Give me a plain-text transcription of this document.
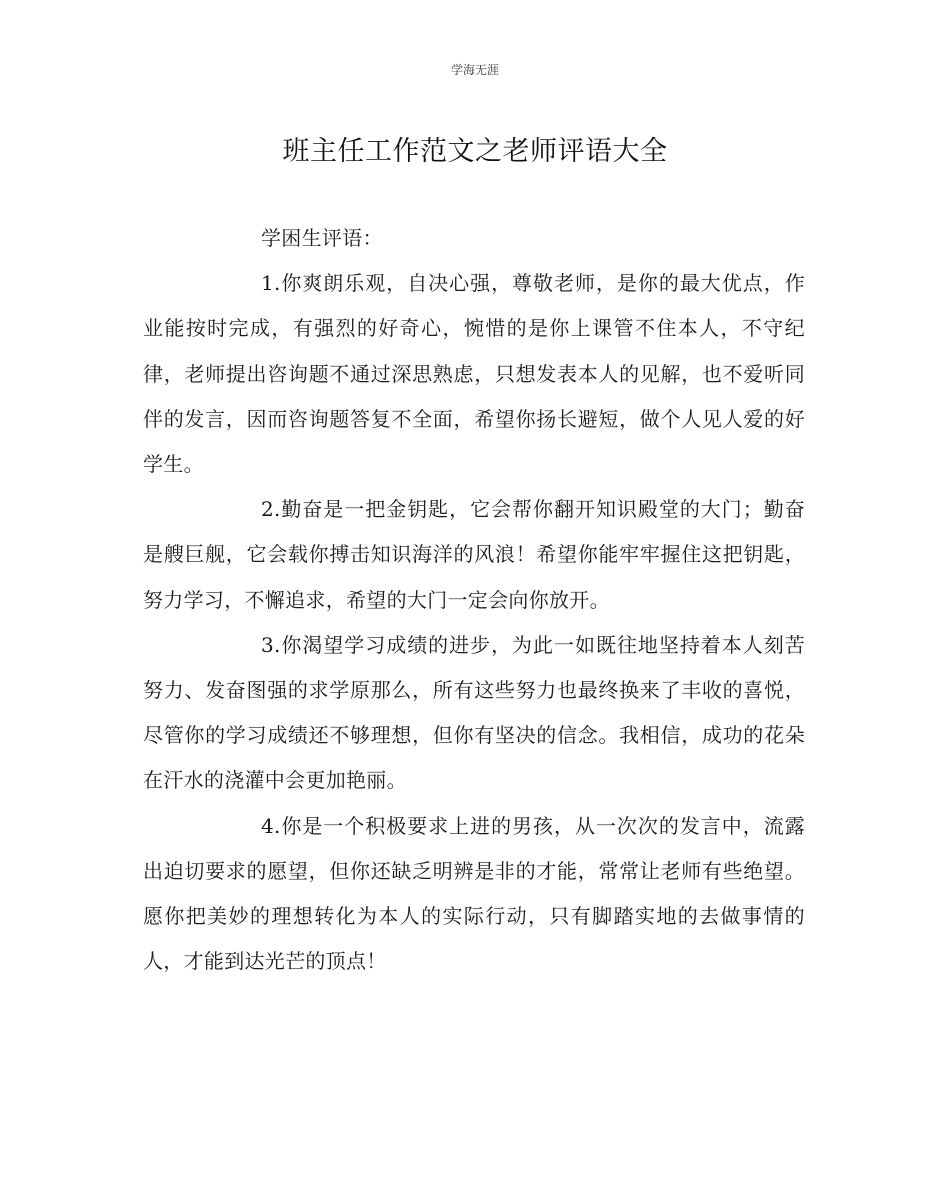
学海无涯
班主任工作范文之老师评语大全

学困生评语：

1.你爽朗乐观，自决心强，尊敬老师，是你的最大优点，作业能按时完成，有强烈的好奇心，惋惜的是你上课管不住本人，不守纪律，老师提出咨询题不通过深思熟虑，只想发表本人的见解，也不爱听同伴的发言，因而咨询题答复不全面，希望你扬长避短，做个人见人爱的好学生。

2.勤奋是一把金钥匙，它会帮你翻开知识殿堂的大门；勤奋是艘巨舰，它会载你搏击知识海洋的风浪！希望你能牢牢握住这把钥匙，努力学习，不懈追求，希望的大门一定会向你放开。

3.你渴望学习成绩的进步，为此一如既往地坚持着本人刻苦努力、发奋图强的求学原那么，所有这些努力也最终换来了丰收的喜悦，尽管你的学习成绩还不够理想，但你有坚决的信念。我相信，成功的花朵在汗水的浇灌中会更加艳丽。

4.你是一个积极要求上进的男孩，从一次次的发言中，流露出迫切要求的愿望，但你还缺乏明辨是非的才能，常常让老师有些绝望。愿你把美妙的理想转化为本人的实际行动，只有脚踏实地的去做事情的人，才能到达光芒的顶点！
